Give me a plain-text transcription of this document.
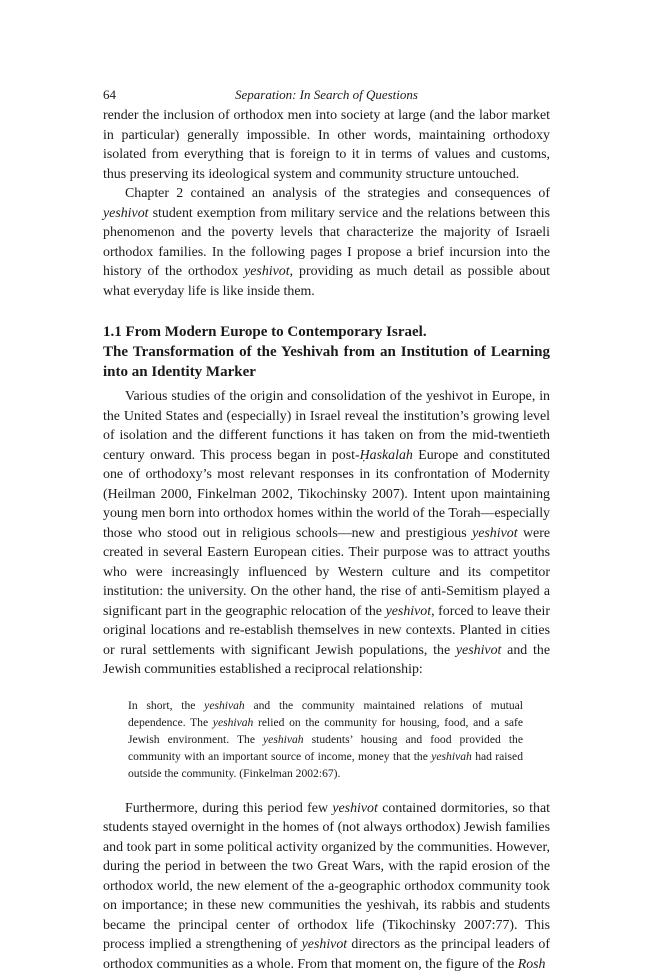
64	Separation: In Search of Questions

render the inclusion of orthodox men into society at large (and the labor market in particular) generally impossible. In other words, maintaining orthodoxy isolated from everything that is foreign to it in terms of values and customs, thus preserving its ideological system and community structure untouched.

Chapter 2 contained an analysis of the strategies and consequences of yeshivot student exemption from military service and the relations between this phenomenon and the poverty levels that characterize the majority of Israeli orthodox families. In the following pages I propose a brief incursion into the history of the orthodox yeshivot, providing as much detail as possible about what everyday life is like inside them.

1.1 From Modern Europe to Contemporary Israel.
The Transformation of the Yeshivah from an Institution of Learning into an Identity Marker

Various studies of the origin and consolidation of the yeshivot in Europe, in the United States and (especially) in Israel reveal the institution’s growing level of isolation and the different functions it has taken on from the mid-twentieth century onward. This process began in post-Ḥaskalah Europe and constituted one of orthodoxy’s most relevant responses in its confrontation of Modernity (Heilman 2000, Finkelman 2002, Tikochinsky 2007). Intent upon maintaining young men born into orthodox homes within the world of the Torah—especially those who stood out in religious schools—new and prestigious yeshivot were created in several Eastern European cities. Their purpose was to attract youths who were increasingly influenced by Western culture and its competitor institution: the university. On the other hand, the rise of anti-Semitism played a significant part in the geographic relocation of the yeshivot, forced to leave their original locations and re-establish themselves in new contexts. Planted in cities or rural settlements with significant Jewish populations, the yeshivot and the Jewish communities established a reciprocal relationship:

In short, the yeshivah and the community maintained relations of mutual dependence. The yeshivah relied on the community for housing, food, and a safe Jewish environment. The yeshivah students’ housing and food provided the community with an important source of income, money that the yeshivah had raised outside the community. (Finkelman 2002:67).

Furthermore, during this period few yeshivot contained dormitories, so that students stayed overnight in the homes of (not always orthodox) Jewish families and took part in some political activity organized by the communities. However, during the period in between the two Great Wars, with the rapid erosion of the orthodox world, the new element of the a-geographic orthodox community took on importance; in these new communities the yeshivah, its rabbis and students became the principal center of orthodox life (Tikochinsky 2007:77). This process implied a strengthening of yeshivot directors as the principal leaders of orthodox communities as a whole. From that moment on, the figure of the Rosh
